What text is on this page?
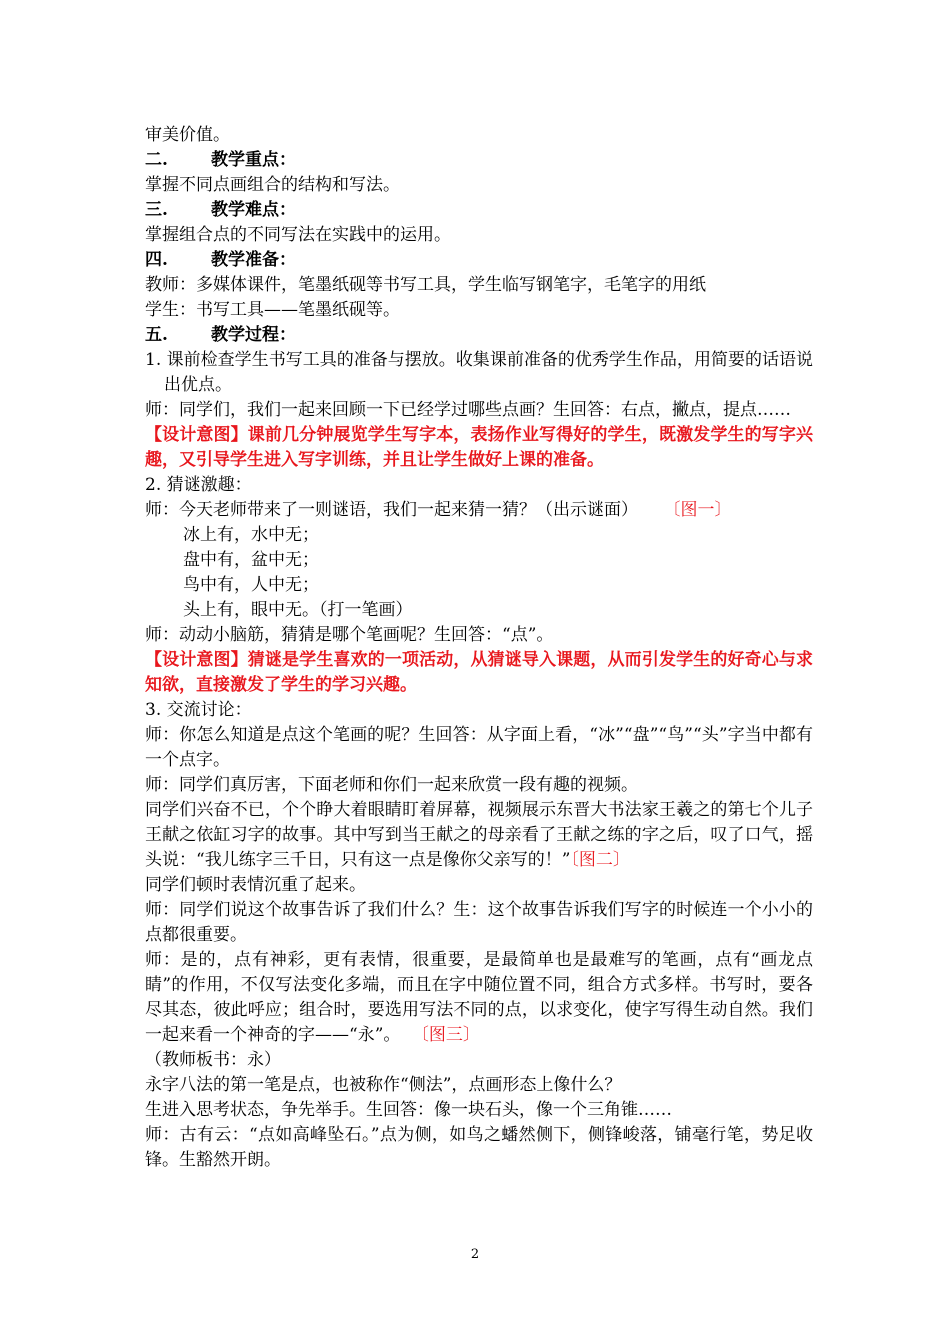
审美价值。
二.	教学重点：
掌握不同点画组合的结构和写法。
三.	教学难点：
掌握组合点的不同写法在实践中的运用。
四.	教学准备：
教师：多媒体课件，笔墨纸砚等书写工具，学生临写钢笔字，毛笔字的用纸
学生：书写工具——笔墨纸砚等。
五.	教学过程：
1. 课前检查学生书写工具的准备与摆放。收集课前准备的优秀学生作品，用简要的话语说出优点。
师：同学们，我们一起来回顾一下已经学过哪些点画？生回答：右点，撇点，提点……
【设计意图】课前几分钟展览学生写字本，表扬作业写得好的学生，既激发学生的写字兴趣，又引导学生进入写字训练，并且让学生做好上课的准备。
2. 猜谜激趣：
师：今天老师带来了一则谜语，我们一起来猜一猜？（出示谜面） 〔图一〕
冰上有，水中无；
盘中有，盆中无；
鸟中有，人中无；
头上有，眼中无。（打一笔画）
师：动动小脑筋，猜猜是哪个笔画呢？生回答：“点”。
【设计意图】猜谜是学生喜欢的一项活动，从猜谜导入课题，从而引发学生的好奇心与求知欲，直接激发了学生的学习兴趣。
3. 交流讨论：
师：你怎么知道是点这个笔画的呢？生回答：从字面上看，“冰”“盘”“鸟”“头”字当中都有一个点字。
师：同学们真厉害，下面老师和你们一起来欣赏一段有趣的视频。
同学们兴奋不已，个个睁大着眼睛盯着屏幕，视频展示东晋大书法家王羲之的第七个儿子王献之依缸习字的故事。其中写到当王献之的母亲看了王献之练的字之后，叹了口气，摇头说：“我儿练字三千日，只有这一点是像你父亲写的！”〔图二〕
同学们顿时表情沉重了起来。
师：同学们说这个故事告诉了我们什么？生：这个故事告诉我们写字的时候连一个小小的点都很重要。
师：是的，点有神彩，更有表情，很重要，是最简单也是最难写的笔画，点有“画龙点睛”的作用，不仅写法变化多端，而且在字中随位置不同，组合方式多样。书写时，要各尽其态，彼此呼应；组合时，要选用写法不同的点，以求变化，使字写得生动自然。我们一起来看一个神奇的字——“永”。 〔图三〕
（教师板书：永）
永字八法的第一笔是点，也被称作“侧法”，点画形态上像什么？
生进入思考状态，争先举手。生回答：像一块石头，像一个三角锥……
师：古有云：“点如高峰坠石。”点为侧，如鸟之蟠然侧下，侧锋峻落，铺毫行笔，势足收锋。生豁然开朗。
2
